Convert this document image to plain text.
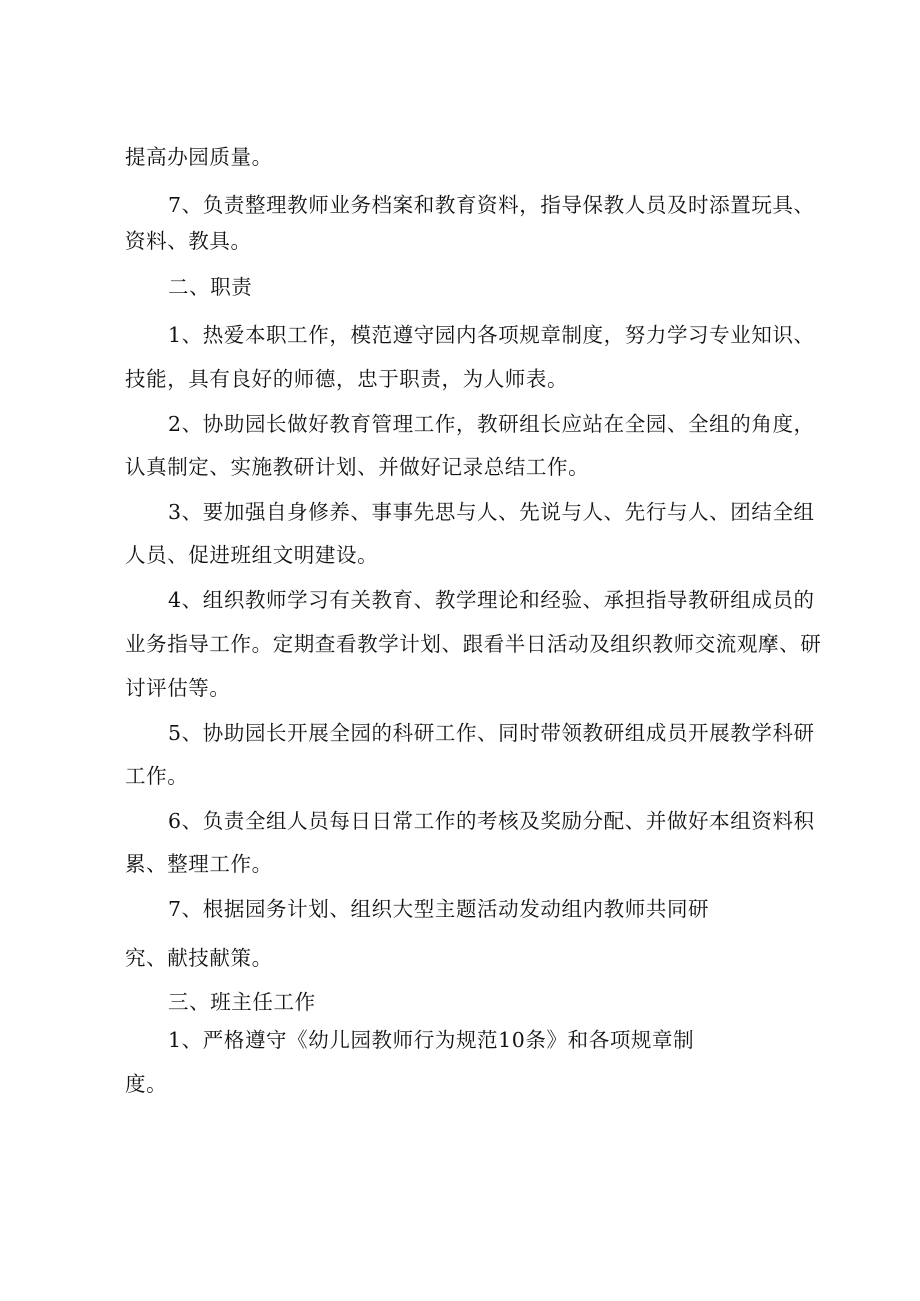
提高办园质量。
7、负责整理教师业务档案和教育资料，指导保教人员及时添置玩具、
资料、教具。
二、职责
1、热爱本职工作，模范遵守园内各项规章制度，努力学习专业知识、
技能，具有良好的师德，忠于职责，为人师表。
2、协助园长做好教育管理工作，教研组长应站在全园、全组的角度，
认真制定、实施教研计划、并做好记录总结工作。
3、要加强自身修养、事事先思与人、先说与人、先行与人、团结全组
人员、促进班组文明建设。
4、组织教师学习有关教育、教学理论和经验、承担指导教研组成员的
业务指导工作。定期查看教学计划、跟看半日活动及组织教师交流观摩、研
讨评估等。
5、协助园长开展全园的科研工作、同时带领教研组成员开展教学科研
工作。
6、负责全组人员每日日常工作的考核及奖励分配、并做好本组资料积
累、整理工作。
7、根据园务计划、组织大型主题活动发动组内教师共同研
究、献技献策。
三、班主任工作
1、严格遵守《幼儿园教师行为规范10条》和各项规章制
度。
